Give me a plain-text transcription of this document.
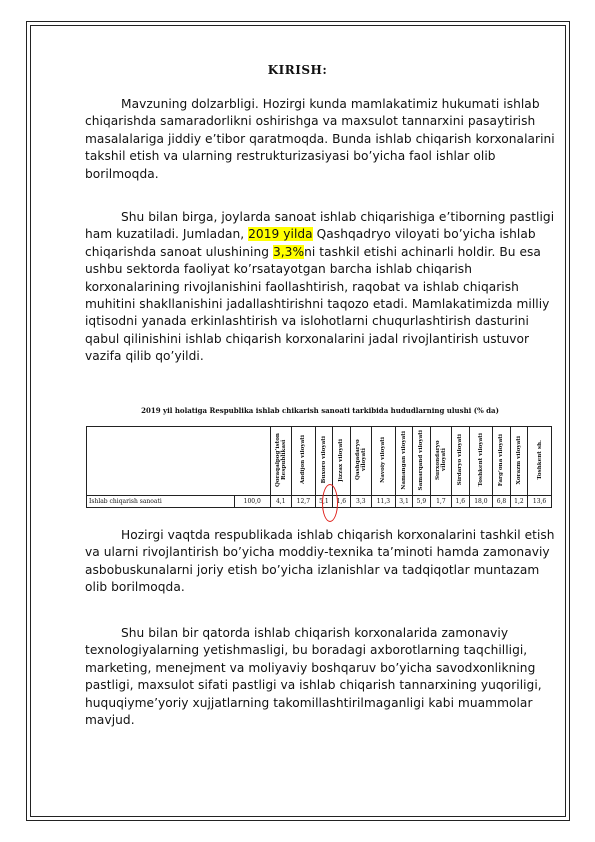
KIRISH:
Mavzuning dolzarbligi. Hozirgi kunda mamlakatimiz hukumati ishlab chiqarishda samaradorlikni oshirishga va maxsulot tannarxini pasaytirish masalalariga jiddiy e’tibor qaratmoqda. Bunda ishlab chiqarish korxonalarini takshil etish va ularning restrukturizasiyasi bo’yicha faol ishlar olib borilmoqda.
Shu bilan birga, joylarda sanoat ishlab chiqarishiga e’tiborning pastligi ham kuzatiladi. Jumladan, 2019 yilda Qashqadryo viloyati bo’yicha ishlab chiqarishda sanoat ulushining 3,3%ni tashkil etishi achinarli holdir. Bu esa ushbu sektorda faoliyat ko’rsatayotgan barcha ishlab chiqarish korxonalarining rivojlanishini faollashtirish, raqobat va ishlab chiqarish muhitini shakllanishini jadallashtirishni taqozo etadi. Mamlakatimizda milliy iqtisodni yanada erkinlashtirish va islohotlarni chuqurlashtirish dasturini qabul qilinishini ishlab chiqarish korxonalarini jadal rivojlantirish ustuvor vazifa qilib qo’yildi.
2019 yil holatiga Respublika ishlab chikarish sanoati tarkibida hududlarning ulushi (% da)
		Qoraqalpog’iston Respublikasi	Andijon viloyati	Buxoro viloyati	Jizzax viloyati	Qashqadaryo viloyati	Navoiy viloyati	Namangan viloyati	Samarqand viloyati	Surxondaryo viloyati	Sirdaryo viloyati	Toshkent viloyati	Farg’ona viloyati	Xorazm viloyati	Toshkent sh.
Ishlab chiqarish sanoati	100,0	4,1	12,7	5,1	1,6	3,3	11,3	3,1	5,9	1,7	1,6	18,0	6,8	1,2	13,6
Hozirgi vaqtda respublikada ishlab chiqarish korxonalarini tashkil etish va ularni rivojlantirish bo’yicha moddiy-texnika ta’minoti hamda zamonaviy asbobuskunalarni joriy etish bo’yicha izlanishlar va tadqiqotlar muntazam olib borilmoqda.
Shu bilan bir qatorda ishlab chiqarish korxonalarida zamonaviy texnologiyalarning yetishmasligi, bu boradagi axborotlarning taqchilligi, marketing, menejment va moliyaviy boshqaruv bo’yicha savodxonlikning pastligi, maxsulot sifati pastligi va ishlab chiqarish tannarxining yuqoriligi, huquqiyme’yoriy xujjatlarning takomillashtirilmaganligi kabi muammolar mavjud.
